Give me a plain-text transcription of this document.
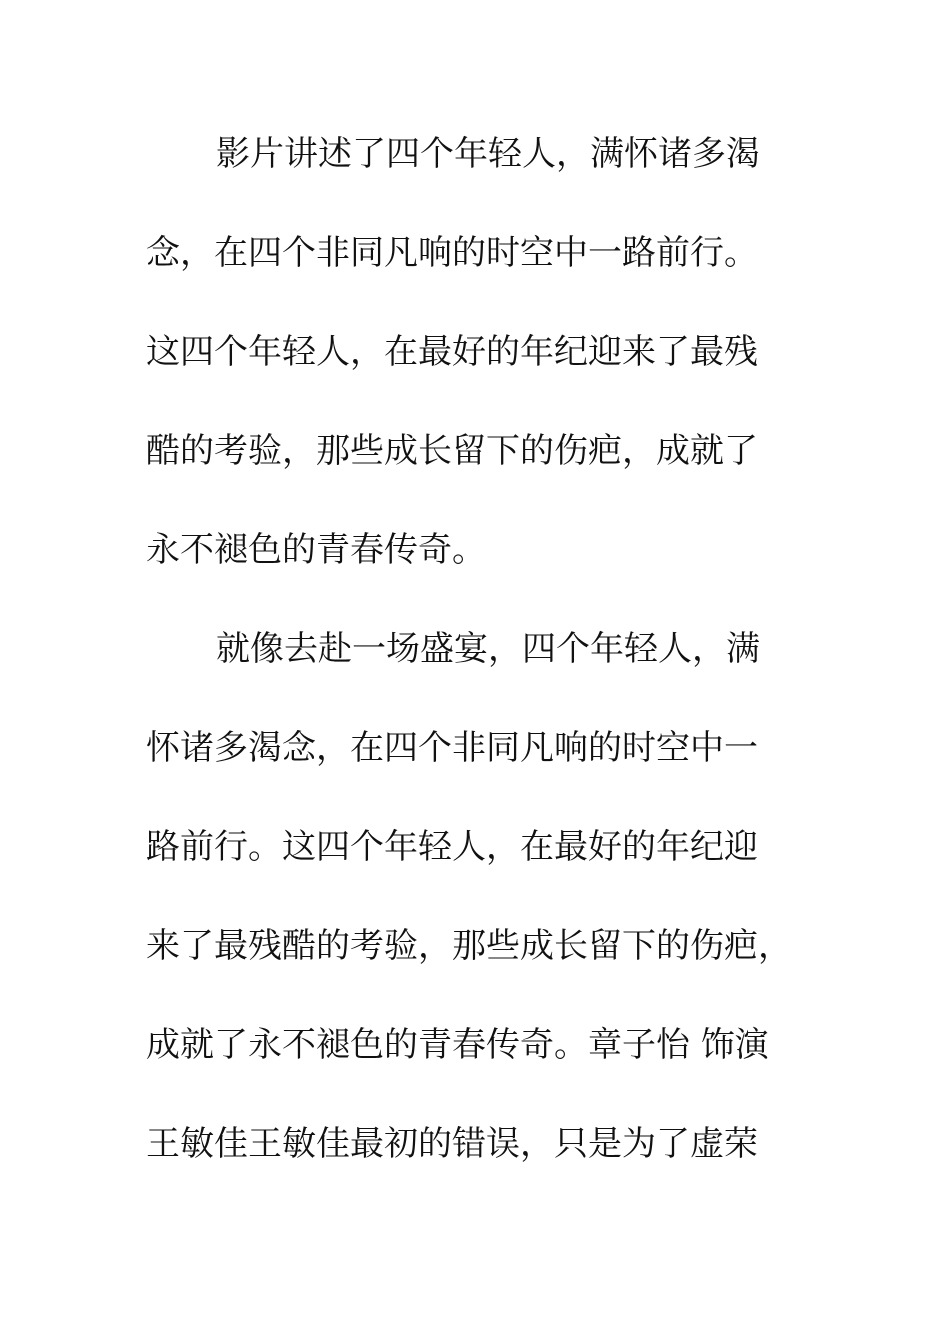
影片讲述了四个年轻人，满怀诸多渴

念，在四个非同凡响的时空中一路前行。

这四个年轻人，在最好的年纪迎来了最残

酷的考验，那些成长留下的伤疤，成就了

永不褪色的青春传奇。

就像去赴一场盛宴，四个年轻人，满

怀诸多渴念，在四个非同凡响的时空中一

路前行。这四个年轻人，在最好的年纪迎

来了最残酷的考验，那些成长留下的伤疤，

成就了永不褪色的青春传奇。章子怡 饰演

王敏佳王敏佳最初的错误，只是为了虚荣
